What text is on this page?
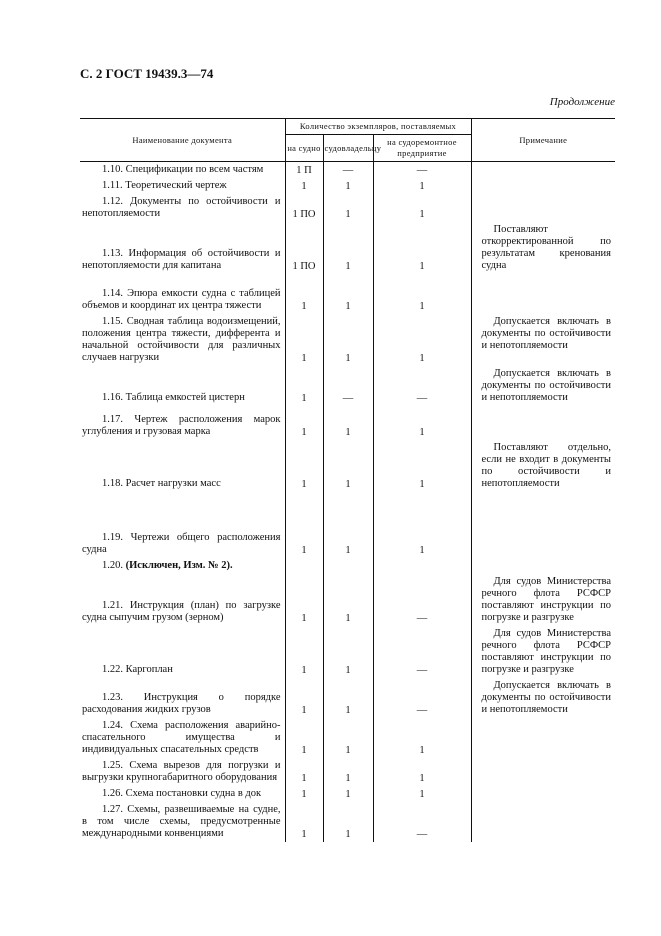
С. 2 ГОСТ 19439.3—74
Продолжение
Наименование документа	Количество экземпляров, поставляемых			Примечание
	на судно	судовладельцу	на судоремонтное предприятие	
1.10. Спецификации по всем частям	1 П	—	—	
1.11. Теоретический чертеж	1	1	1	
1.12. Документы по остойчивости и непотопляемости	1 ПО	1	1	
1.13. Информация об остойчивости и непотопляемости для капитана	1 ПО	1	1	Поставляют откорректированной по результатам кренования судна

1.14. Эпюра емкости судна с таблицей объемов и координат их центра тяжести	1	1	1	
1.15. Сводная таблица водоизмещений, положения центра тяжести, дифферента и начальной остойчивости для различных случаев нагрузки	1	1	1	Допускается включать в документы по остойчивости и непотопляемости
1.16. Таблица емкостей цистерн	1	—	—	Допускается включать в документы по остойчивости и непотопляемости

1.17. Чертеж расположения марок углубления и грузовая марка	1	1	1	
1.18. Расчет нагрузки масс	1	1	1	Поставляют отдельно, если не входит в документы по остойчивости и непотопляемости

1.19. Чертежи общего расположения судна	1	1	1	
1.20. (Исключен, Изм. № 2).				
1.21. Инструкция (план) по загрузке судна сыпучим грузом (зерном)	1	1	—	Для судов Министерства речного флота РСФСР поставляют инструкции по погрузке и разгрузке
1.22. Каргоплан	1	1	—	Для судов Министерства речного флота РСФСР поставляют инструкции по погрузке и разгрузке
1.23. Инструкция о порядке расходования жидких грузов	1	1	—	Допускается включать в документы по остойчивости и непотопляемости

1.24. Схема расположения аварийно-спасательного имущества и индивидуальных спасательных средств	1	1	1	
1.25. Схема вырезов для погрузки и выгрузки крупногабаритного оборудования	1	1	1	
1.26. Схема постановки судна в док	1	1	1	
1.27. Схемы, развешиваемые на судне, в том числе схемы, предусмотренные международными конвенциями	1	1	—	
